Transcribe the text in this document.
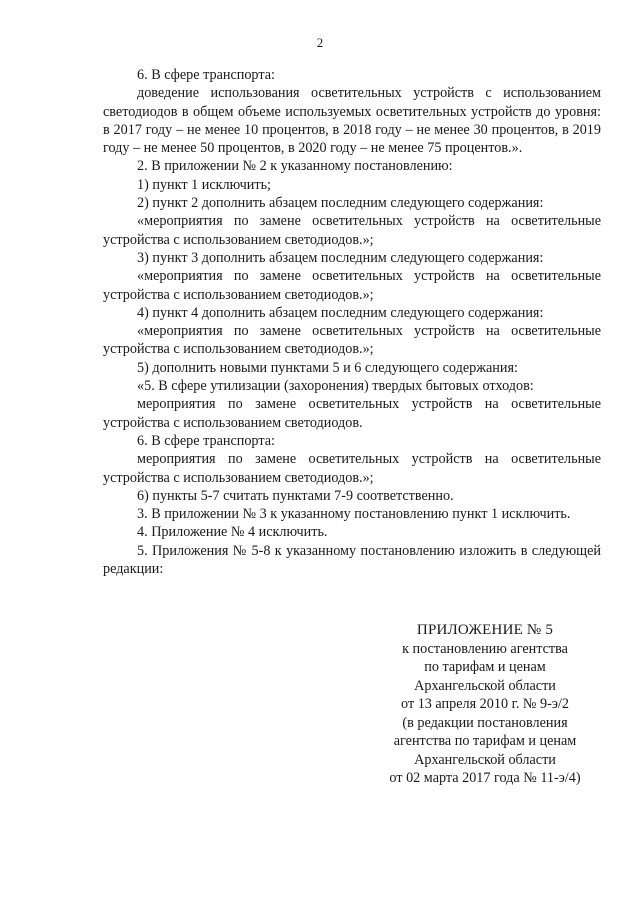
2

6. В сфере транспорта:

доведение использования осветительных устройств с использованием светодиодов в общем объеме используемых осветительных устройств до уровня: в 2017 году – не менее 10 процентов, в 2018 году – не менее 30 процентов, в 2019 году – не менее 50 процентов, в 2020 году – не менее 75 процентов.».

2. В приложении № 2 к указанному постановлению:

1) пункт 1 исключить;

2) пункт 2 дополнить абзацем последним следующего содержания:

«мероприятия по замене осветительных устройств на осветительные устройства с использованием светодиодов.»;

3) пункт 3 дополнить абзацем последним следующего содержания:

«мероприятия по замене осветительных устройств на осветительные устройства с использованием светодиодов.»;

4) пункт 4 дополнить абзацем последним следующего содержания:

«мероприятия по замене осветительных устройств на осветительные устройства с использованием светодиодов.»;

5) дополнить новыми пунктами 5 и 6 следующего содержания:

«5. В сфере утилизации (захоронения) твердых бытовых отходов:

мероприятия по замене осветительных устройств на осветительные устройства с использованием светодиодов.

6. В сфере транспорта:

мероприятия по замене осветительных устройств на осветительные устройства с использованием светодиодов.»;

6) пункты 5-7 считать пунктами 7-9 соответственно.

3. В приложении № 3 к указанному постановлению пункт 1 исключить.

4. Приложение № 4 исключить.

5. Приложения № 5-8 к указанному постановлению изложить в следующей редакции:

ПРИЛОЖЕНИЕ № 5
к постановлению агентства
по тарифам и ценам
Архангельской области
от 13 апреля 2010 г. № 9-э/2
(в редакции постановления
агентства по тарифам и ценам
Архангельской области
от 02 марта 2017 года № 11-э/4)
